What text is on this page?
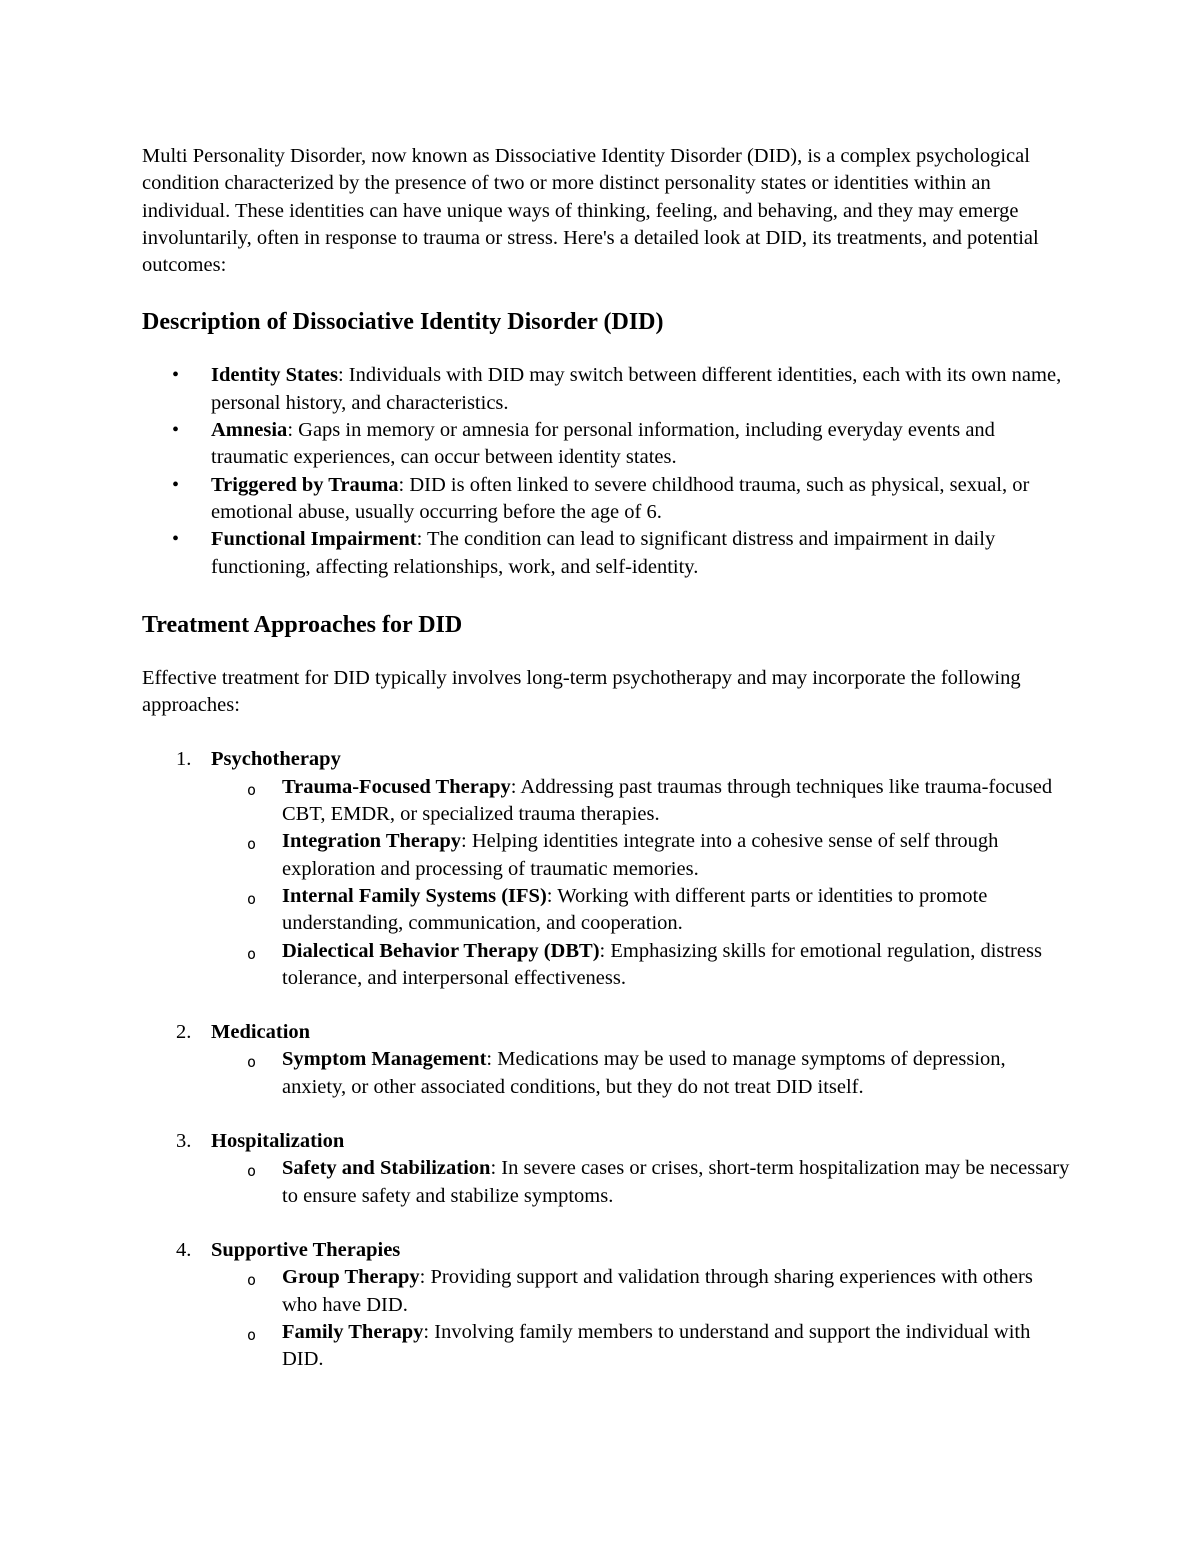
Multi Personality Disorder, now known as Dissociative Identity Disorder (DID), is a complex psychological condition characterized by the presence of two or more distinct personality states or identities within an individual. These identities can have unique ways of thinking, feeling, and behaving, and they may emerge involuntarily, often in response to trauma or stress. Here's a detailed look at DID, its treatments, and potential outcomes:

Description of Dissociative Identity Disorder (DID)
• Identity States: Individuals with DID may switch between different identities, each with its own name, personal history, and characteristics.
• Amnesia: Gaps in memory or amnesia for personal information, including everyday events and traumatic experiences, can occur between identity states.
• Triggered by Trauma: DID is often linked to severe childhood trauma, such as physical, sexual, or emotional abuse, usually occurring before the age of 6.
• Functional Impairment: The condition can lead to significant distress and impairment in daily functioning, affecting relationships, work, and self-identity.
Treatment Approaches for DID

Effective treatment for DID typically involves long-term psychotherapy and may incorporate the following approaches:

1. Psychotherapy
o Trauma-Focused Therapy: Addressing past traumas through techniques like trauma-focused CBT, EMDR, or specialized trauma therapies.
o Integration Therapy: Helping identities integrate into a cohesive sense of self through exploration and processing of traumatic memories.
o Internal Family Systems (IFS): Working with different parts or identities to promote understanding, communication, and cooperation.
o Dialectical Behavior Therapy (DBT): Emphasizing skills for emotional regulation, distress tolerance, and interpersonal effectiveness.
2. Medication
o Symptom Management: Medications may be used to manage symptoms of depression, anxiety, or other associated conditions, but they do not treat DID itself.
3. Hospitalization
o Safety and Stabilization: In severe cases or crises, short-term hospitalization may be necessary to ensure safety and stabilize symptoms.
4. Supportive Therapies
o Group Therapy: Providing support and validation through sharing experiences with others who have DID.
o Family Therapy: Involving family members to understand and support the individual with DID.
